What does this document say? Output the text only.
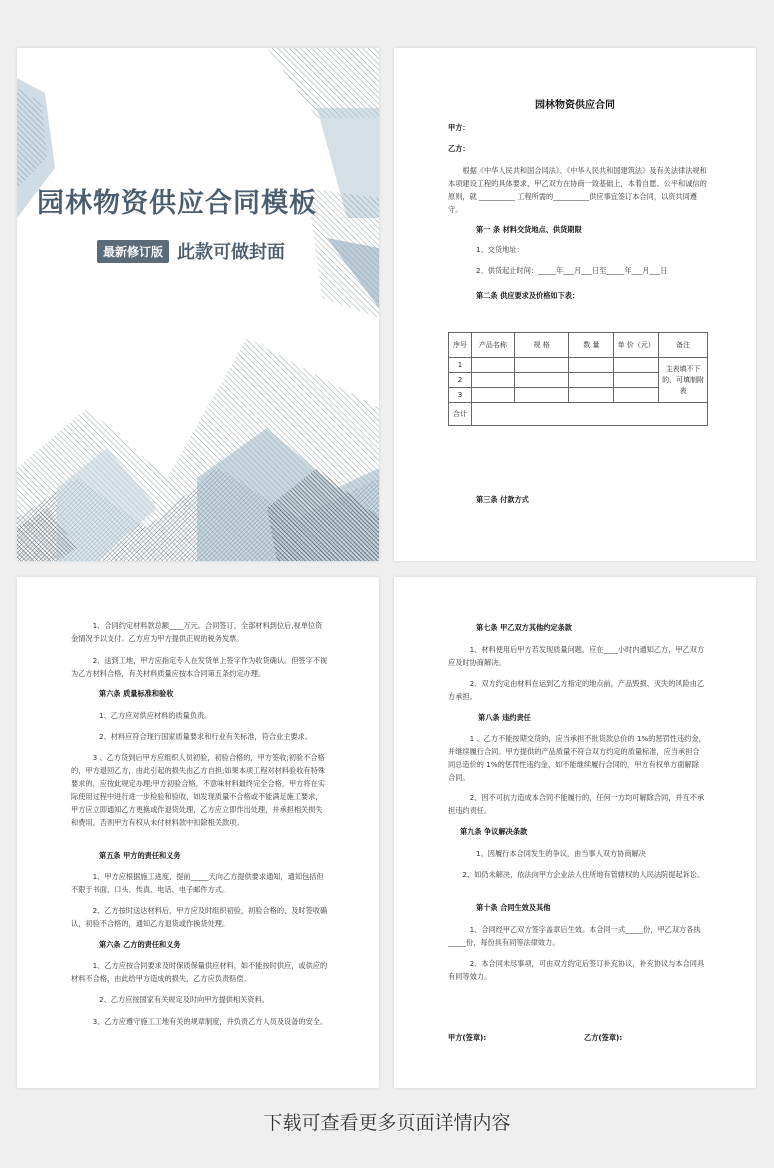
园林物资供应合同模板
最新修订版 此款可做封面
园林物资供应合同
甲方：
乙方：
根据《中华人民共和国合同法》、《中华人民共和国建筑法》及有关法律法规和本项建设工程的具体要求，甲乙双方在协商一致基础上，本着自愿、公平和诚信的原则，就 __________ 工程所需的__________供应事宜签订本合同，以资共同遵守。
第一 条 材料交货地点、供货期限
1、交货地址：
2、供货起止时间：_____年___月___日至_____年___月___日
第二条 供应要求及价格如下表：
序号	产品名称	规 格	数 量	单 价（元）	备注
1					主表填不下的，可填制附表
2					
3					
合计					
第三条 付款方式
1、合同约定材料款总额____万元。合同签订，全部材料到位后,视单位资金情况予以支付。乙方应为甲方提供正规的税务发票。
2、送到工地，甲方应指定专人在发货单上签字作为收货确认。但签字不视为乙方材料合格，有关材料质量应按本合同第五条约定办理。
第六条 质量标准和验收
1、乙方应对供应材料的质量负责。
2、材料应符合现行国家质量要求和行业有关标准，符合业主要求。
3 、乙方货到后甲方应组织人员初验，初验合格的，甲方签收;初验不合格的，甲方退回乙方，由此引起的损失由乙方自担;如果本项工程对材料验收有特殊要求的，应按此规定办理;甲方初验合格，不意味材料最终完全合格，甲方将在实际使用过程中进行进一步检验和验收，如发现质量不合格或不能满足施工要求，甲方应立即通知乙方更换或作退货处理，乙方应立即作出处理，并承担相关损失和费用，否则甲方有权从未付材料款中扣除相关款项。
第五条 甲方的责任和义务
1、甲方应根据施工进度，提前_____天向乙方提供要求通知，通知包括但不限于书面、口头、传真、电话、电子邮件方式。
2、乙方按时送达材料后，甲方应及时组织初验，初验合格的，及时签收确认，初验不合格的，通知乙方退货或作换货处理。
第六条 乙方的责任和义务
1、乙方应按合同要求及时保质保量供应材料，如不能按时供应，或供应的材料不合格，由此给甲方造成的损失，乙方应负责赔偿。
2、乙方应按国家有关规定及时向甲方提供相关资料。
3、乙方应遵守施工工地有关的规章制度，并负责乙方人员及设备的安全。
第七条 甲乙双方其他约定条款
1、材料使用后甲方若发现质量问题，应在____小时内通知乙方，甲乙双方应及时协商解决。
2、双方约定由材料在运到乙方指定的地点前，产品毁损、灭失的风险由乙方承担。
第八条 违约责任
1 、乙方不能按期交货的，应当承担不批货款总价的 1%的惩罚性违约金，并继续履行合同。甲方提供的产品质量不符合双方约定的质量标准，应当承担合同总造价的 1%的惩罚性违约金，如不能继续履行合同的，甲方有权单方面解除合同。
2、因不可抗力造成本合同不能履行的，任何一方均可解除合同，并互不承担违约责任。
第九条 争议解决条款
1、因履行本合同发生的争议，由当事人双方协商解决
2、如仍未解决，依法向甲方企业法人住所地有管辖权的人民法院提起诉讼。
第十条 合同生效及其他
1、合同经甲乙双方签字盖章后生效。本合同一式_____份，甲乙双方各执_____份，每份具有同等法律效力。
2、本合同未尽事项，可由双方约定后签订补充协议，补充协议与本合同具有同等效力。
甲方(签章):	乙方(签章):
下载可查看更多页面详情内容
